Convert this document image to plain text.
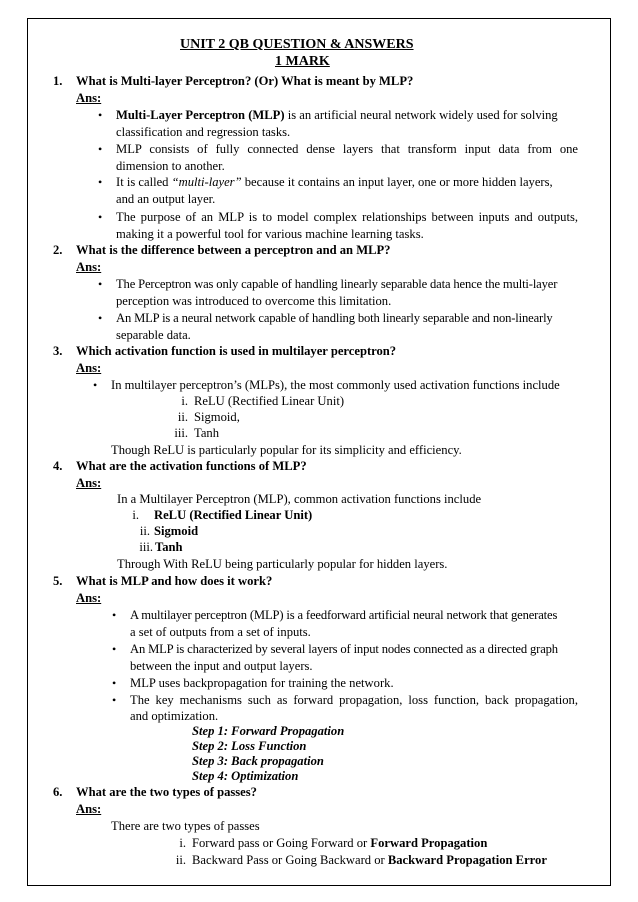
UNIT 2 QB QUESTION & ANSWERS
1 MARK
1. What is Multi-layer Perceptron? (Or) What is meant by MLP?
Ans:
• Multi-Layer Perceptron (MLP) is an artificial neural network widely used for solving
classification and regression tasks.
• MLP consists of fully connected dense layers that transform input data from one
dimension to another.
• It is called “multi-layer” because it contains an input layer, one or more hidden layers,
and an output layer.
• The purpose of an MLP is to model complex relationships between inputs and outputs,
making it a powerful tool for various machine learning tasks.
2. What is the difference between a perceptron and an MLP?
Ans:
• The Perceptron was only capable of handling linearly separable data hence the multi-layer
perception was introduced to overcome this limitation.
• An MLP is a neural network capable of handling both linearly separable and non-linearly
separable data.
3. Which activation function is used in multilayer perceptron?
Ans:
• In multilayer perceptron’s (MLPs), the most commonly used activation functions include
i. ReLU (Rectified Linear Unit)
ii. Sigmoid,
iii. Tanh
Though ReLU is particularly popular for its simplicity and efficiency.
4. What are the activation functions of MLP?
Ans:
In a Multilayer Perceptron (MLP), common activation functions include
i. ReLU (Rectified Linear Unit)
ii. Sigmoid
iii. Tanh
Through With ReLU being particularly popular for hidden layers.
5. What is MLP and how does it work?
Ans:
• A multilayer perceptron (MLP) is a feedforward artificial neural network that generates
a set of outputs from a set of inputs.
• An MLP is characterized by several layers of input nodes connected as a directed graph
between the input and output layers.
• MLP uses backpropagation for training the network.
• The key mechanisms such as forward propagation, loss function, back propagation,
and optimization.
Step 1: Forward Propagation
Step 2: Loss Function
Step 3: Back propagation
Step 4: Optimization
6. What are the two types of passes?
Ans:
There are two types of passes
i. Forward pass or Going Forward or Forward Propagation
ii. Backward Pass or Going Backward or Backward Propagation Error
